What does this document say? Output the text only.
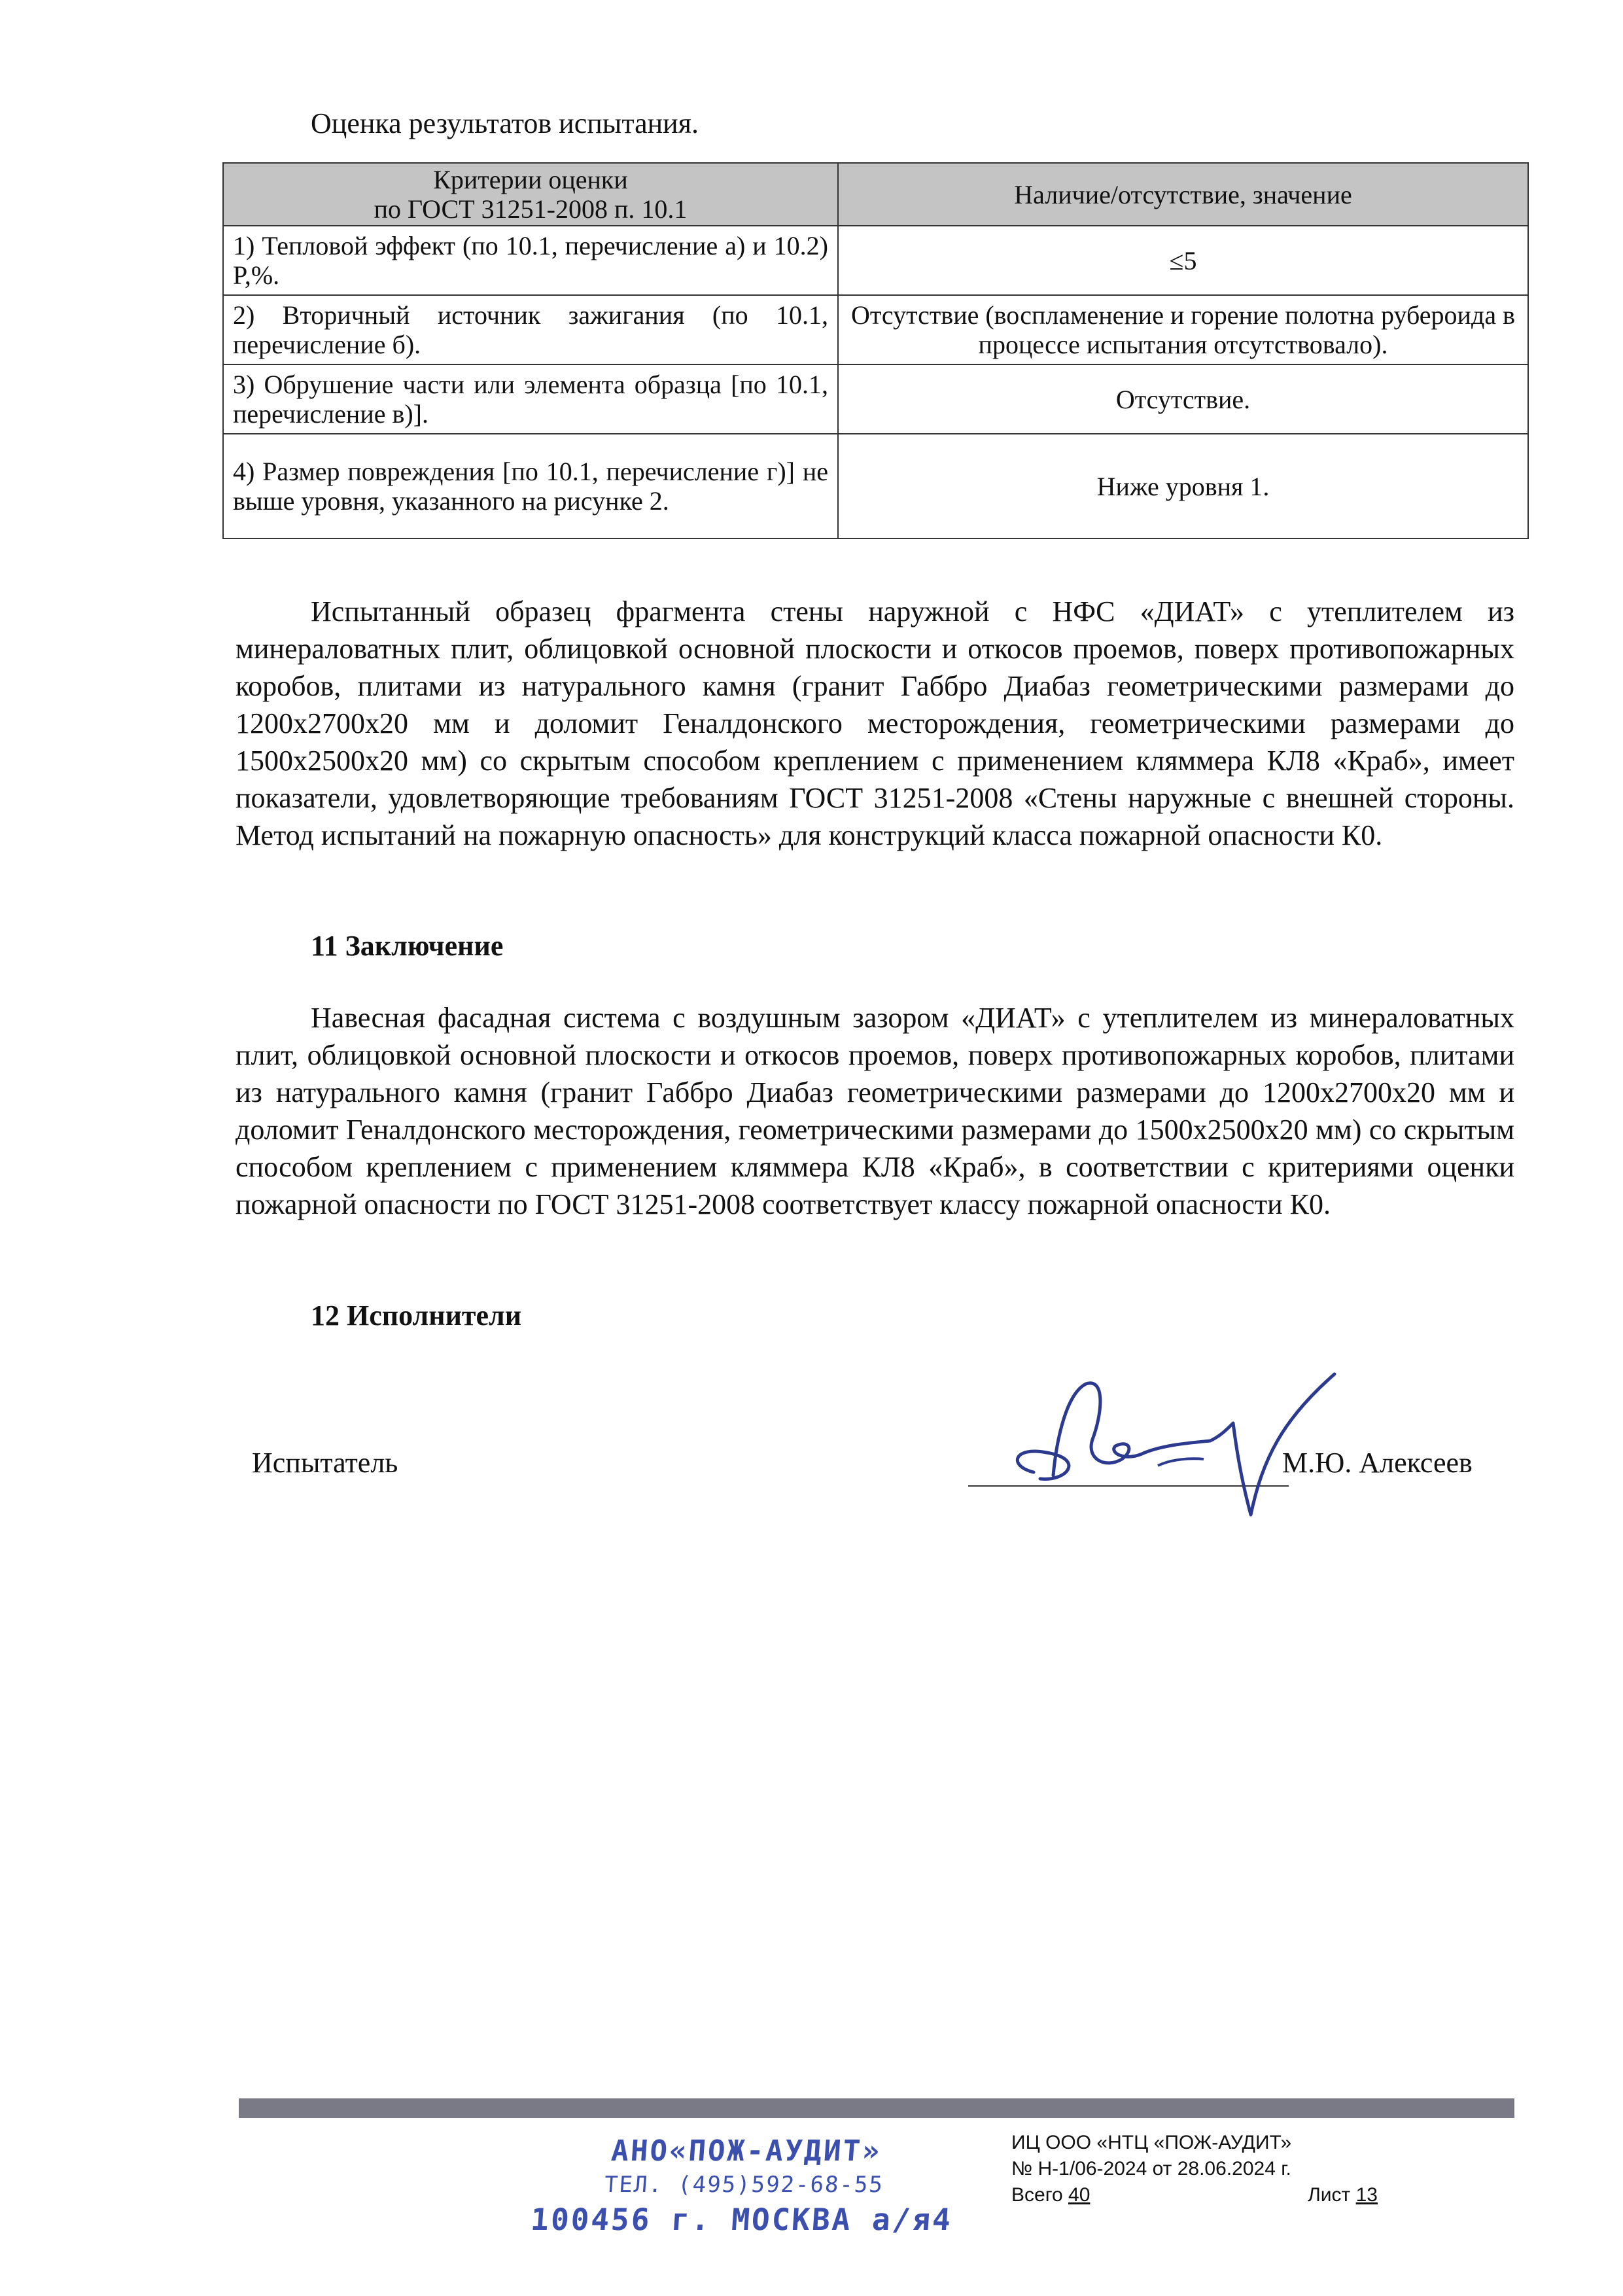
Оценка результатов испытания.
Критерии оценки
по ГОСТ 31251-2008 п. 10.1	Наличие/отсутствие, значение
1) Тепловой эффект (по 10.1, перечисление а) и 10.2) P,%.	≤5
2) Вторичный источник зажигания (по 10.1, перечисление б).	Отсутствие (воспламенение и горение полотна рубероида в процессе испытания отсутствовало).
3) Обрушение части или элемента образца [по 10.1, перечисление в)].	Отсутствие.
4) Размер повреждения [по 10.1, перечисление г)] не выше уровня, указанного на рисунке 2.	Ниже уровня 1.

Испытанный образец фрагмента стены наружной с НФС «ДИАТ» с утеплителем из минераловатных плит, облицовкой основной плоскости и откосов проемов, поверх противопожарных коробов, плитами из натурального камня (гранит Габбро Диабаз геометрическими размерами до 1200х2700х20 мм и доломит Геналдонского месторождения, геометрическими размерами до 1500х2500х20 мм) со скрытым способом креплением с применением кляммера КЛ8 «Краб», имеет показатели, удовлетворяющие требованиям ГОСТ 31251-2008 «Стены наружные с внешней стороны. Метод испытаний на пожарную опасность» для конструкций класса пожарной опасности К0.

11 Заключение

Навесная фасадная система с воздушным зазором «ДИАТ» с утеплителем из минераловатных плит, облицовкой основной плоскости и откосов проемов, поверх противопожарных коробов, плитами из натурального камня (гранит Габбро Диабаз геометрическими размерами до 1200х2700х20 мм и доломит Геналдонского месторождения, геометрическими размерами до 1500х2500х20 мм) со скрытым способом креплением с применением кляммера КЛ8 «Краб», в соответствии с критериями оценки пожарной опасности по ГОСТ 31251-2008 соответствует классу пожарной опасности К0.

12 Исполнители
Испытатель	М.Ю. Алексеев
АНО«ПОЖ-АУДИТ»
ТЕЛ. (495)592-68-55
100456 г. МОСКВА а/я4
ИЦ ООО «НТЦ «ПОЖ-АУДИТ»
№ Н-1/06-2024 от 28.06.2024 г.
Всего 40	Лист 13
